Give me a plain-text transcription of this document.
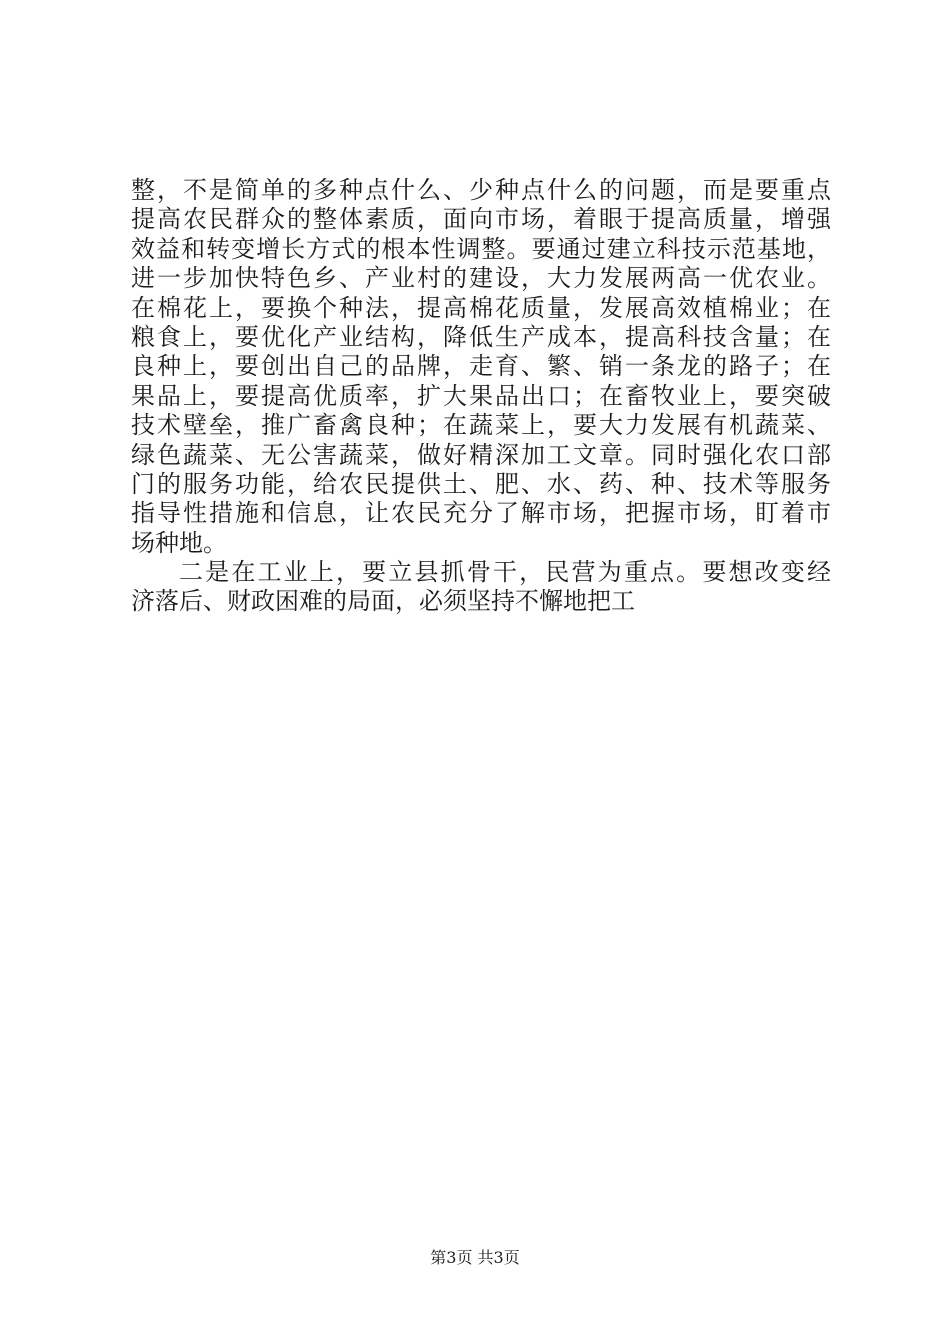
整，不是简单的多种点什么、少种点什么的问题，而是要重点
提高农民群众的整体素质，面向市场，着眼于提高质量，增强
效益和转变增长方式的根本性调整。要通过建立科技示范基地，
进一步加快特色乡、产业村的建设，大力发展两高一优农业。
在棉花上，要换个种法，提高棉花质量，发展高效植棉业；在
粮食上，要优化产业结构，降低生产成本，提高科技含量；在
良种上，要创出自己的品牌，走育、繁、销一条龙的路子；在
果品上，要提高优质率，扩大果品出口；在畜牧业上，要突破
技术壁垒，推广畜禽良种；在蔬菜上，要大力发展有机蔬菜、
绿色蔬菜、无公害蔬菜，做好精深加工文章。同时强化农口部
门的服务功能，给农民提供土、肥、水、药、种、技术等服务
指导性措施和信息，让农民充分了解市场，把握市场，盯着市
场种地。
二是在工业上，要立县抓骨干，民营为重点。要想改变经
济落后、财政困难的局面，必须坚持不懈地把工
第3页 共3页
